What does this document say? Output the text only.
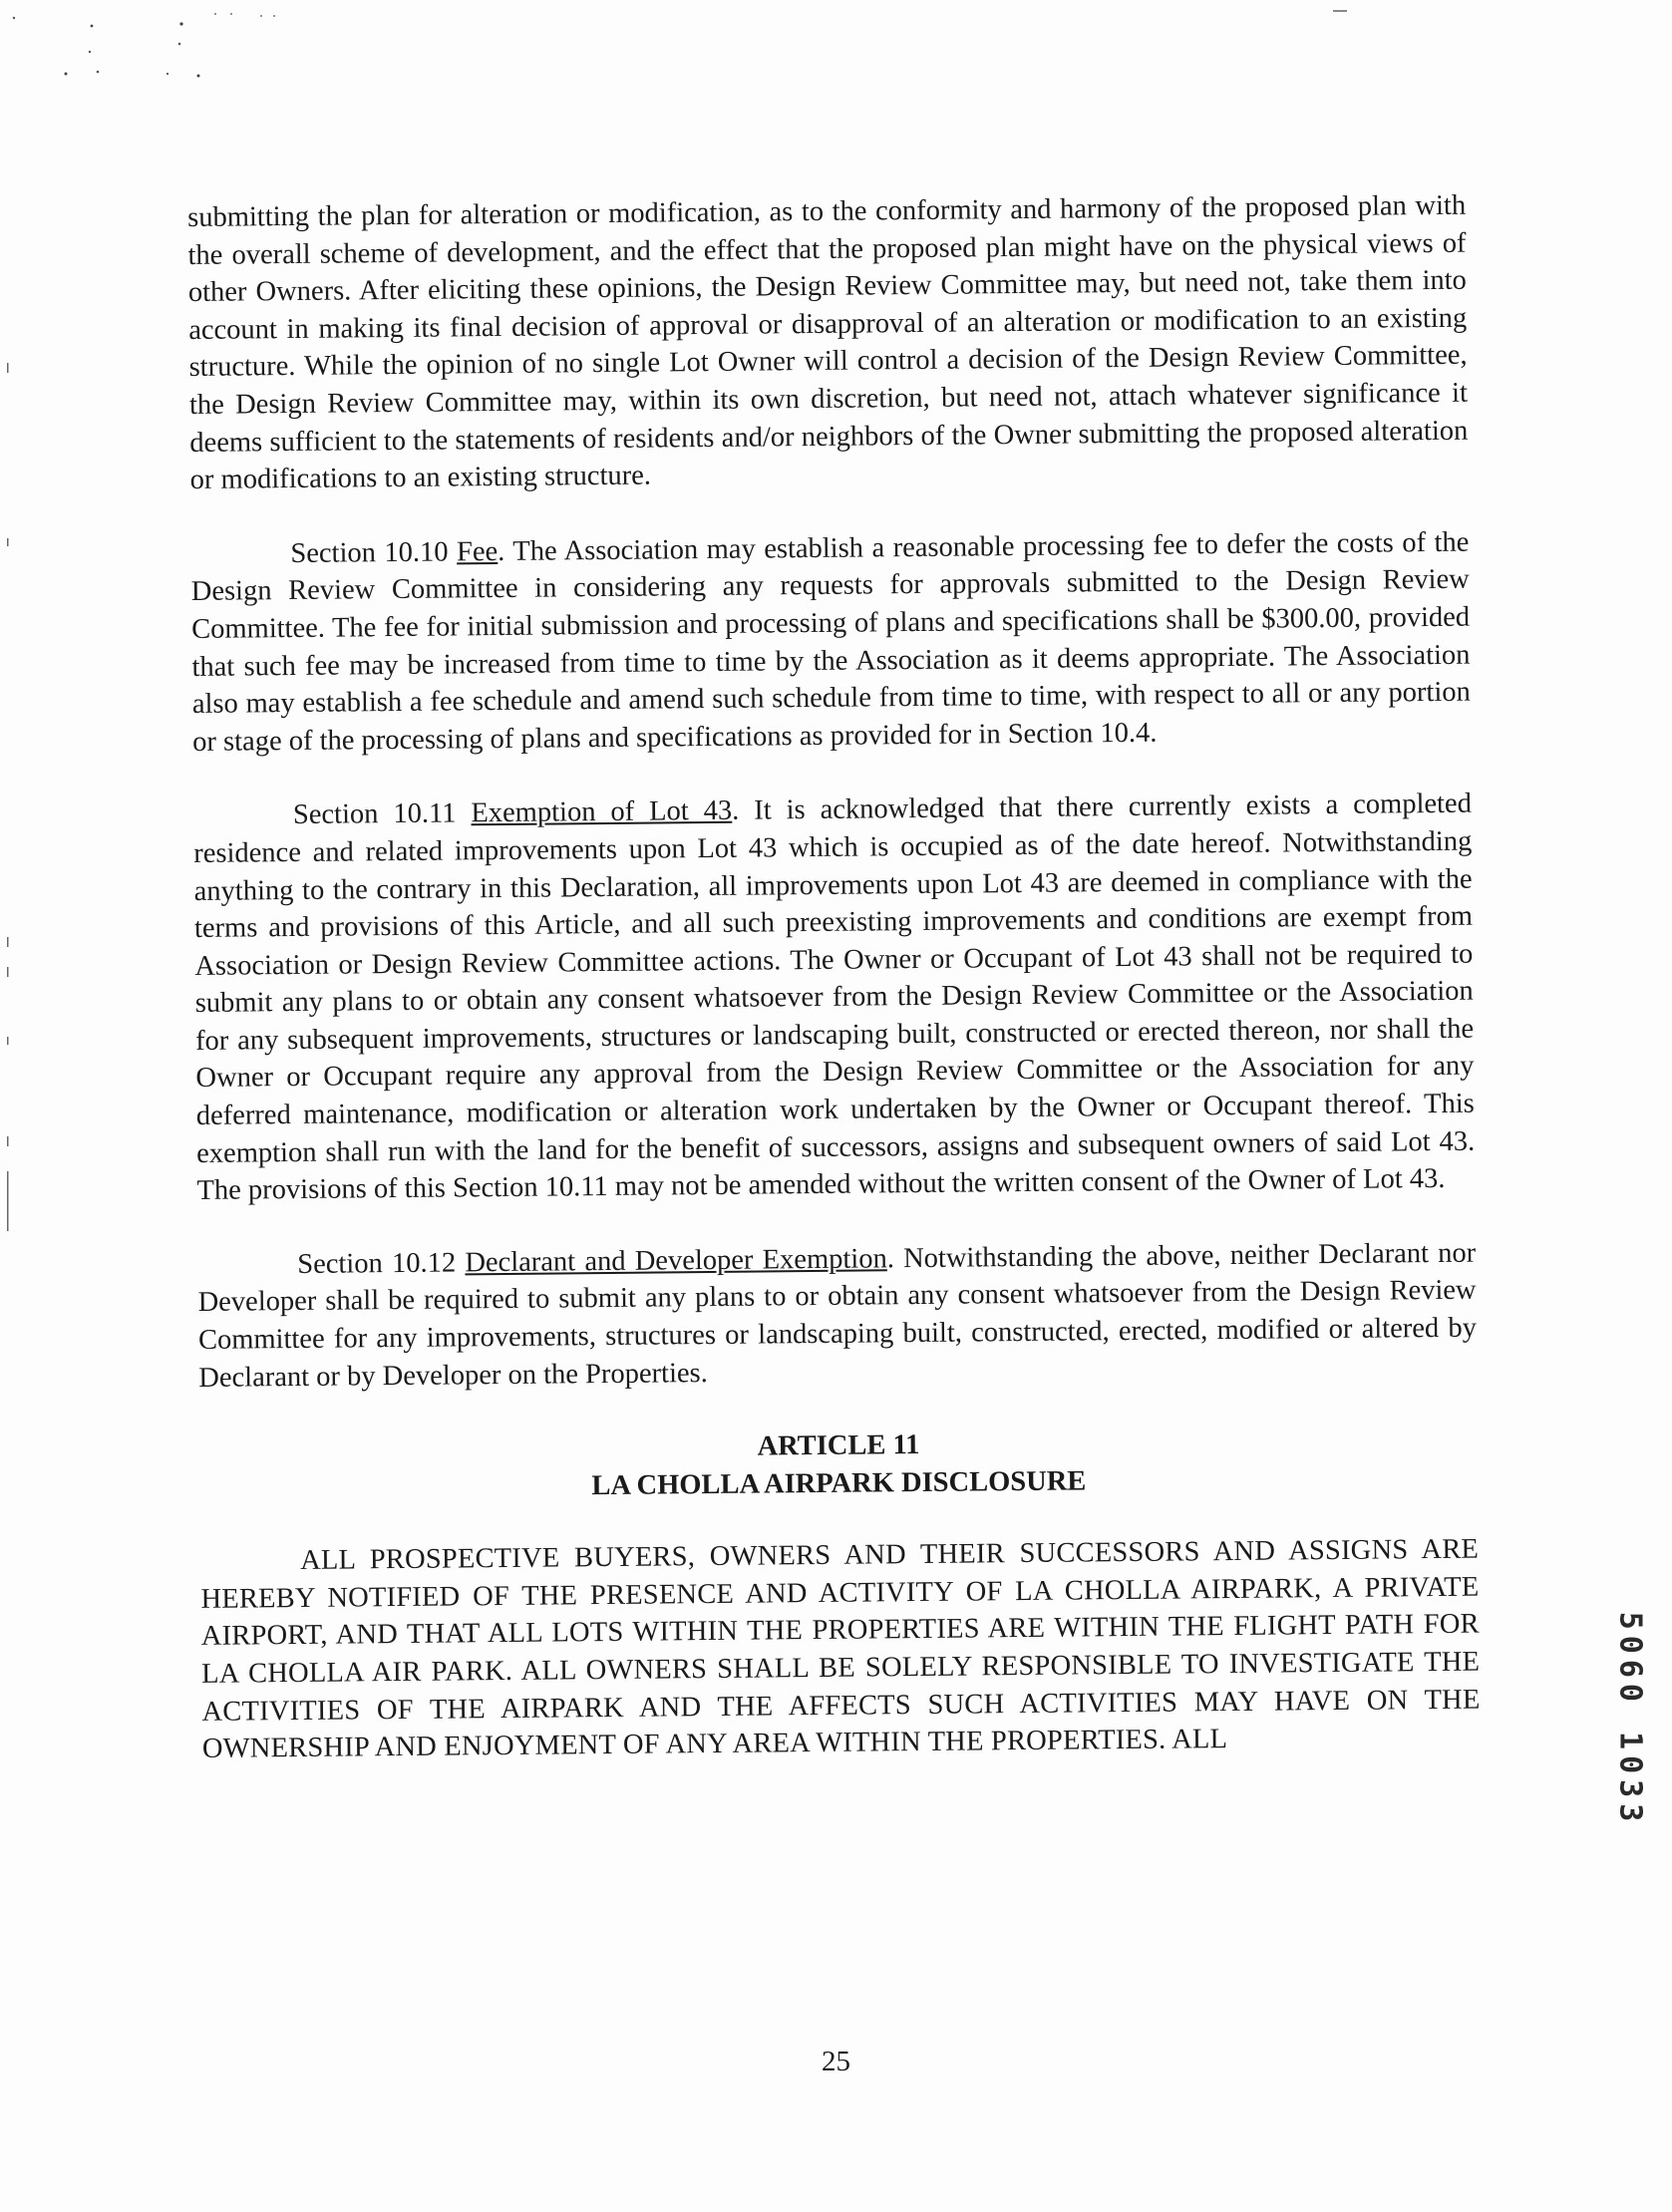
submitting the plan for alteration or modification, as to the conformity and harmony of the proposed plan with the overall scheme of development, and the effect that the proposed plan might have on the physical views of other Owners. After eliciting these opinions, the Design Review Committee may, but need not, take them into account in making its final decision of approval or disapproval of an alteration or modification to an existing structure. While the opinion of no single Lot Owner will control a decision of the Design Review Committee, the Design Review Committee may, within its own discretion, but need not, attach whatever significance it deems sufficient to the statements of residents and/or neighbors of the Owner submitting the proposed alteration or modifications to an existing structure.

Section 10.10 Fee. The Association may establish a reasonable processing fee to defer the costs of the Design Review Committee in considering any requests for approvals submitted to the Design Review Committee. The fee for initial submission and processing of plans and specifications shall be $300.00, provided that such fee may be increased from time to time by the Association as it deems appropriate. The Association also may establish a fee schedule and amend such schedule from time to time, with respect to all or any portion or stage of the processing of plans and specifications as provided for in Section 10.4.

Section 10.11 Exemption of Lot 43. It is acknowledged that there currently exists a completed residence and related improvements upon Lot 43 which is occupied as of the date hereof. Notwithstanding anything to the contrary in this Declaration, all improvements upon Lot 43 are deemed in compliance with the terms and provisions of this Article, and all such preexisting improvements and conditions are exempt from Association or Design Review Committee actions. The Owner or Occupant of Lot 43 shall not be required to submit any plans to or obtain any consent whatsoever from the Design Review Committee or the Association for any subsequent improvements, structures or landscaping built, constructed or erected thereon, nor shall the Owner or Occupant require any approval from the Design Review Committee or the Association for any deferred maintenance, modification or alteration work undertaken by the Owner or Occupant thereof. This exemption shall run with the land for the benefit of successors, assigns and subsequent owners of said Lot 43. The provisions of this Section 10.11 may not be amended without the written consent of the Owner of Lot 43.

Section 10.12 Declarant and Developer Exemption. Notwithstanding the above, neither Declarant nor Developer shall be required to submit any plans to or obtain any consent whatsoever from the Design Review Committee for any improvements, structures or landscaping built, constructed, erected, modified or altered by Declarant or by Developer on the Properties.

ARTICLE 11

LA CHOLLA AIRPARK DISCLOSURE

ALL PROSPECTIVE BUYERS, OWNERS AND THEIR SUCCESSORS AND ASSIGNS ARE HEREBY NOTIFIED OF THE PRESENCE AND ACTIVITY OF LA CHOLLA AIRPARK, A PRIVATE AIRPORT, AND THAT ALL LOTS WITHIN THE PROPERTIES ARE WITHIN THE FLIGHT PATH FOR LA CHOLLA AIR PARK. ALL OWNERS SHALL BE SOLELY RESPONSIBLE TO INVESTIGATE THE ACTIVITIES OF THE AIRPARK AND THE AFFECTS SUCH ACTIVITIES MAY HAVE ON THE OWNERSHIP AND ENJOYMENT OF ANY AREA WITHIN THE PROPERTIES. ALL

25
5060 1033
